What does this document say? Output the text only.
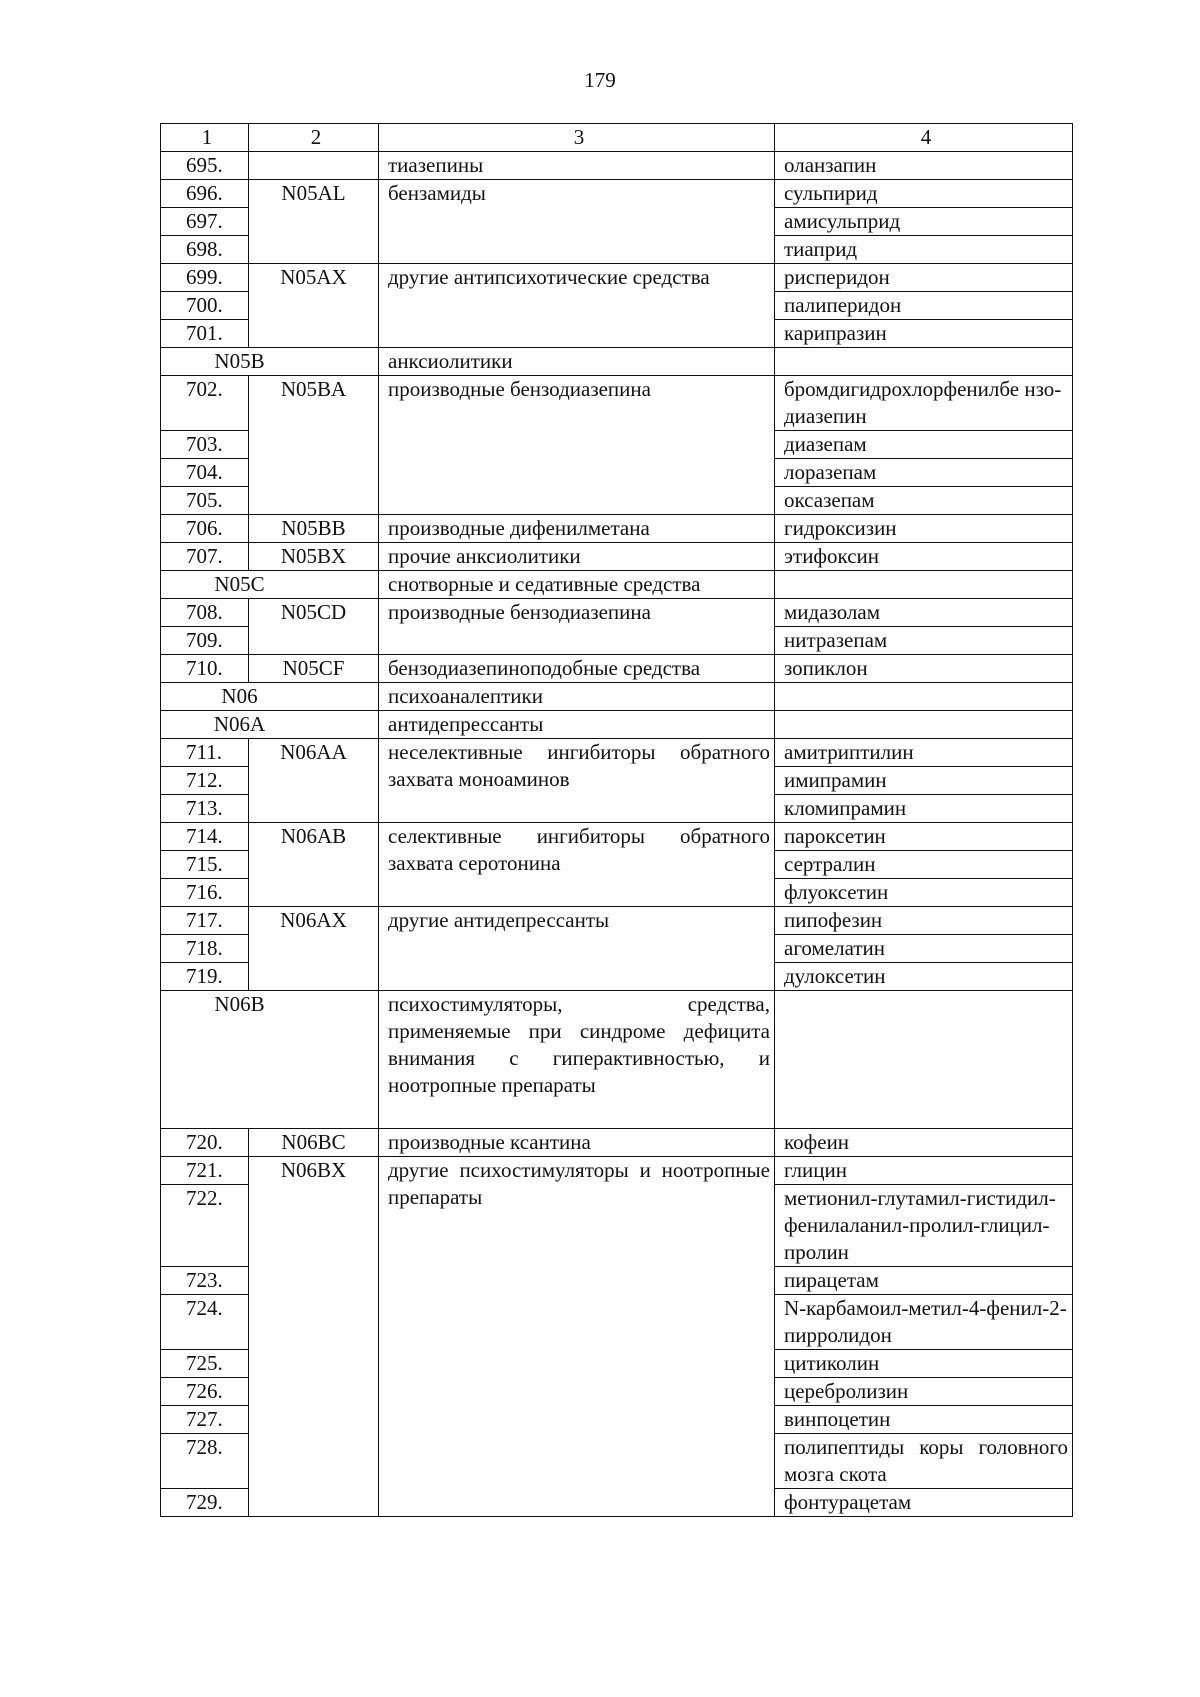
179
1	2	3	4
695.		тиазепины	оланзапин
696.	N05AL	бензамиды	сульпирид
697.			амисульприд
698.			тиаприд
699.	N05AX	другие антипсихотические средства	рисперидон
700.			палиперидон
701.			карипразин
N05B		анксиолитики	
702.	N05BA	производные бензодиазепина	бромдигидрохлорфенилбе нзо-диазепин
703.			диазепам
704.			лоразепам
705.			оксазепам
706.	N05BB	производные дифенилметана	гидроксизин
707.	N05BX	прочие анксиолитики	этифоксин
N05C		снотворные и седативные средства	
708.	N05CD	производные бензодиазепина	мидазолам
709.			нитразепам
710.	N05CF	бензодиазепиноподобные средства	зопиклон
N06		психоаналептики	
N06A		антидепрессанты	
711.	N06AA	неселективные ингибиторы обратного захвата моноаминов	амитриптилин
712.			имипрамин
713.			кломипрамин
714.	N06AB	селективные ингибиторы обратного захвата серотонина	пароксетин
715.			сертралин
716.			флуоксетин
717.	N06AX	другие антидепрессанты	пипофезин
718.			агомелатин
719.			дулоксетин
N06B		психостимуляторы, средства, применяемые при синдроме дефицита внимания с гиперактивностью, и ноотропные препараты	
720.	N06BC	производные ксантина	кофеин
721.	N06BX	другие психостимуляторы и ноотропные препараты	глицин
722.			метионил-глутамил-гистидил-фенилаланил-пролил-глицил-пролин
723.			пирацетам
724.			N-карбамоил-метил-4-фенил-2-пирролидон
725.			цитиколин
726.			церебролизин
727.			винпоцетин
728.			полипептиды коры головного мозга скота
729.			фонтурацетам
